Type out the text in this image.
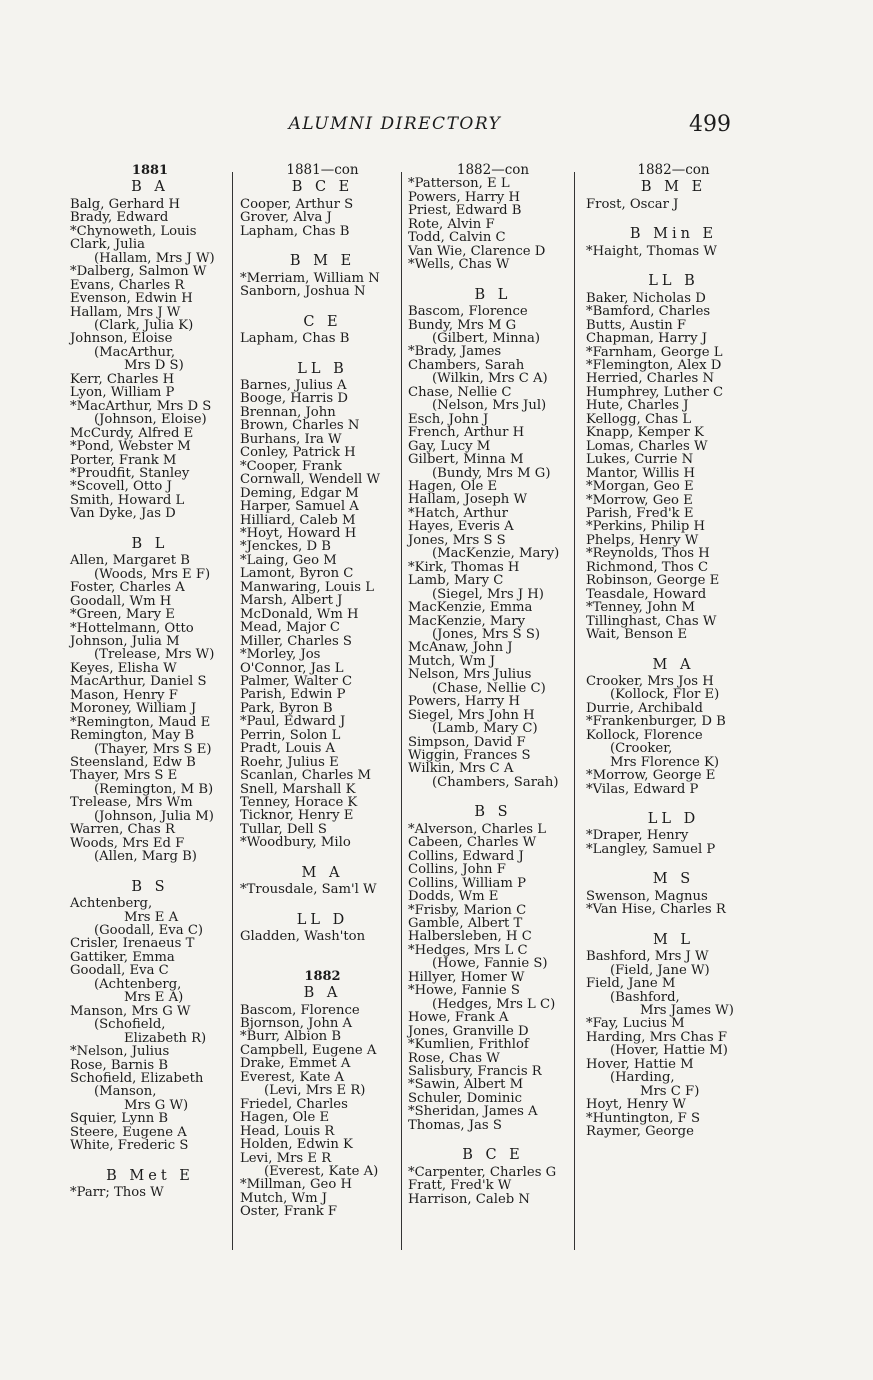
ALUMNI DIRECTORY	499
1881
B A
Balg, Gerhard H
Brady, Edward
*Chynoweth, Louis
Clark, Julia
(Hallam, Mrs J W)
*Dalberg, Salmon W
Evans, Charles R
Evenson, Edwin H
Hallam, Mrs J W
(Clark, Julia K)
Johnson, Eloise
(MacArthur,
Mrs D S)
Kerr, Charles H
Lyon, William P
*MacArthur, Mrs D S
(Johnson, Eloise)
McCurdy, Alfred E
*Pond, Webster M
Porter, Frank M
*Proudfit, Stanley
*Scovell, Otto J
Smith, Howard L
Van Dyke, Jas D
B L
Allen, Margaret B
(Woods, Mrs E F)
Foster, Charles A
Goodall, Wm H
*Green, Mary E
*Hottelmann, Otto
Johnson, Julia M
(Trelease, Mrs W)
Keyes, Elisha W
MacArthur, Daniel S
Mason, Henry F
Moroney, William J
*Remington, Maud E
Remington, May B
(Thayer, Mrs S E)
Steensland, Edw B
Thayer, Mrs S E
(Remington, M B)
Trelease, Mrs Wm
(Johnson, Julia M)
Warren, Chas R
Woods, Mrs Ed F
(Allen, Marg B)
B S
Achtenberg,
Mrs E A
(Goodall, Eva C)
Crisler, Irenaeus T
Gattiker, Emma
Goodall, Eva C
(Achtenberg,
Mrs E A)
Manson, Mrs G W
(Schofield,
Elizabeth R)
*Nelson, Julius
Rose, Barnis B
Schofield, Elizabeth
(Manson,
Mrs G W)
Squier, Lynn B
Steere, Eugene A
White, Frederic S
B Met E
*Parr; Thos W
1881—con
B C E
Cooper, Arthur S
Grover, Alva J
Lapham, Chas B
B M E
*Merriam, William N
Sanborn, Joshua N
C E
Lapham, Chas B
LL B
Barnes, Julius A
Booge, Harris D
Brennan, John
Brown, Charles N
Burhans, Ira W
Conley, Patrick H
*Cooper, Frank
Cornwall, Wendell W
Deming, Edgar M
Harper, Samuel A
Hilliard, Caleb M
*Hoyt, Howard H
*Jenckes, D B
*Laing, Geo M
Lamont, Byron C
Manwaring, Louis L
Marsh, Albert J
McDonald, Wm H
Mead, Major C
Miller, Charles S
*Morley, Jos
O'Connor, Jas L
Palmer, Walter C
Parish, Edwin P
Park, Byron B
*Paul, Edward J
Perrin, Solon L
Pradt, Louis A
Roehr, Julius E
Scanlan, Charles M
Snell, Marshall K
Tenney, Horace K
Ticknor, Henry E
Tullar, Dell S
*Woodbury, Milo
M A
*Trousdale, Sam'l W
LL D
Gladden, Wash'ton
1882
B A
Bascom, Florence
Bjornson, John A
*Burr, Albion B
Campbell, Eugene A
Drake, Emmet A
Everest, Kate A
(Levi, Mrs E R)
Friedel, Charles
Hagen, Ole E
Head, Louis R
Holden, Edwin K
Levi, Mrs E R
(Everest, Kate A)
*Millman, Geo H
Mutch, Wm J
Oster, Frank F
1882—con
*Patterson, E L
Powers, Harry H
Priest, Edward B
Rote, Alvin F
Todd, Calvin C
Van Wie, Clarence D
*Wells, Chas W
B L
Bascom, Florence
Bundy, Mrs M G
(Gilbert, Minna)
*Brady, James
Chambers, Sarah
(Wilkin, Mrs C A)
Chase, Nellie C
(Nelson, Mrs Jul)
Esch, John J
French, Arthur H
Gay, Lucy M
Gilbert, Minna M
(Bundy, Mrs M G)
Hagen, Ole E
Hallam, Joseph W
*Hatch, Arthur
Hayes, Everis A
Jones, Mrs S S
(MacKenzie, Mary)
*Kirk, Thomas H
Lamb, Mary C
(Siegel, Mrs J H)
MacKenzie, Emma
MacKenzie, Mary
(Jones, Mrs S S)
McAnaw, John J
Mutch, Wm J
Nelson, Mrs Julius
(Chase, Nellie C)
Powers, Harry H
Siegel, Mrs John H
(Lamb, Mary C)
Simpson, David F
Wiggin, Frances S
Wilkin, Mrs C A
(Chambers, Sarah)
B S
*Alverson, Charles L
Cabeen, Charles W
Collins, Edward J
Collins, John F
Collins, William P
Dodds, Wm E
*Frisby, Marion C
Gamble, Albert T
Halbersleben, H C
*Hedges, Mrs L C
(Howe, Fannie S)
Hillyer, Homer W
*Howe, Fannie S
(Hedges, Mrs L C)
Howe, Frank A
Jones, Granville D
*Kumlien, Frithlof
Rose, Chas W
Salisbury, Francis R
*Sawin, Albert M
Schuler, Dominic
*Sheridan, James A
Thomas, Jas S
B C E
*Carpenter, Charles G
Fratt, Fred'k W
Harrison, Caleb N
1882—con
B M E
Frost, Oscar J
B Min E
*Haight, Thomas W
LL B
Baker, Nicholas D
*Bamford, Charles
Butts, Austin F
Chapman, Harry J
*Farnham, George L
*Flemington, Alex D
Herried, Charles N
Humphrey, Luther C
Hute, Charles J
Kellogg, Chas L
Knapp, Kemper K
Lomas, Charles W
Lukes, Currie N
Mantor, Willis H
*Morgan, Geo E
*Morrow, Geo E
Parish, Fred'k E
*Perkins, Philip H
Phelps, Henry W
*Reynolds, Thos H
Richmond, Thos C
Robinson, George E
Teasdale, Howard
*Tenney, John M
Tillinghast, Chas W
Wait, Benson E
M A
Crooker, Mrs Jos H
(Kollock, Flor E)
Durrie, Archibald
*Frankenburger, D B
Kollock, Florence
(Crooker,
Mrs Florence K)
*Morrow, George E
*Vilas, Edward P
LL D
*Draper, Henry
*Langley, Samuel P
M S
Swenson, Magnus
*Van Hise, Charles R
M L
Bashford, Mrs J W
(Field, Jane W)
Field, Jane M
(Bashford,
Mrs James W)
*Fay, Lucius M
Harding, Mrs Chas F
(Hover, Hattie M)
Hover, Hattie M
(Harding,
Mrs C F)
Hoyt, Henry W
*Huntington, F S
Raymer, George
